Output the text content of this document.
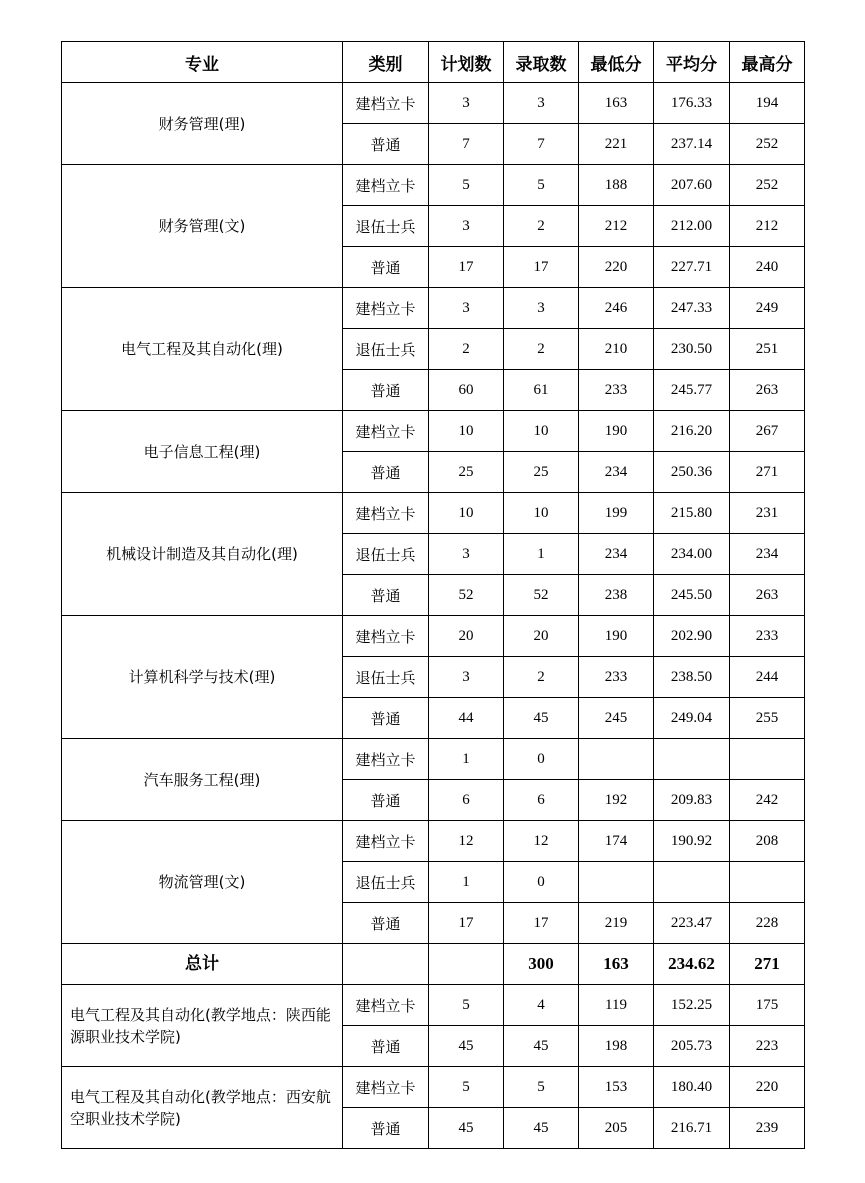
专业	类别	计划数	录取数	最低分	平均分	最高分
财务管理(理)	建档立卡	3	3	163	176.33	194
	普通	7	7	221	237.14	252
财务管理(文)	建档立卡	5	5	188	207.60	252
	退伍士兵	3	2	212	212.00	212
	普通	17	17	220	227.71	240
电气工程及其自动化(理)	建档立卡	3	3	246	247.33	249
	退伍士兵	2	2	210	230.50	251
	普通	60	61	233	245.77	263
电子信息工程(理)	建档立卡	10	10	190	216.20	267
	普通	25	25	234	250.36	271
机械设计制造及其自动化(理)	建档立卡	10	10	199	215.80	231
	退伍士兵	3	1	234	234.00	234
	普通	52	52	238	245.50	263
计算机科学与技术(理)	建档立卡	20	20	190	202.90	233
	退伍士兵	3	2	233	238.50	244
	普通	44	45	245	249.04	255
汽车服务工程(理)	建档立卡	1	0			
	普通	6	6	192	209.83	242
物流管理(文)	建档立卡	12	12	174	190.92	208
	退伍士兵	1	0			
	普通	17	17	219	223.47	228
总计			300	163	234.62	271
电气工程及其自动化(教学地点：陕西能源职业技术学院)	建档立卡	5	4	119	152.25	175
	普通	45	45	198	205.73	223
电气工程及其自动化(教学地点：西安航空职业技术学院)	建档立卡	5	5	153	180.40	220
	普通	45	45	205	216.71	239
